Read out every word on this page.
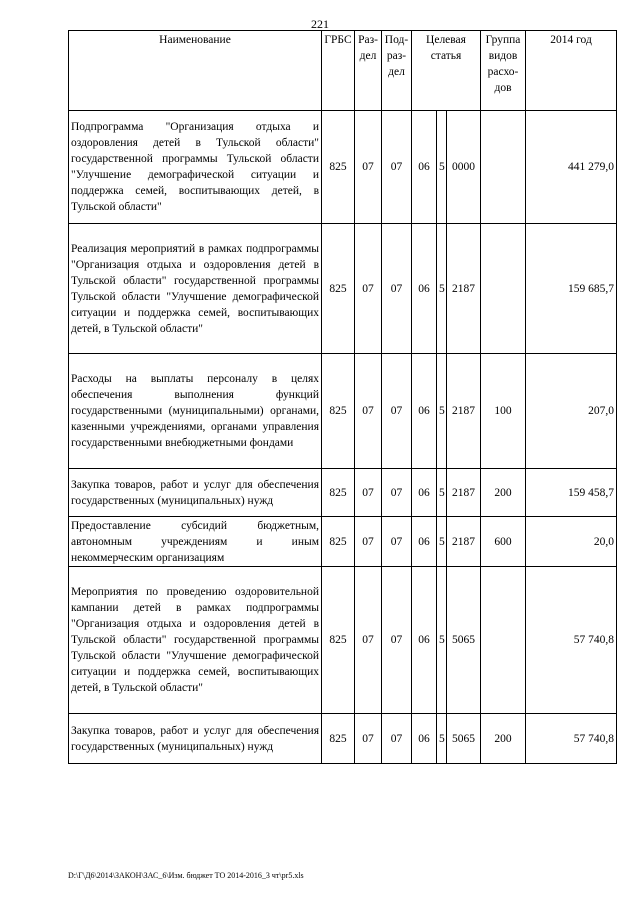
221
Наименование	ГРБС	Раз-дел	Под-раз-дел	Целевая статья			Группа видов расхо-дов	2014 год
Подпрограмма "Организация отдыха и оздоровления детей в Тульской области" государственной программы Тульской области "Улучшение демографической ситуации и поддержка семей, воспитывающих детей, в Тульской области"	825	07	07	06	5	0000		441 279,0
Реализация мероприятий в рамках подпрограммы "Организация отдыха и оздоровления детей в Тульской области" государственной программы Тульской области "Улучшение демографической ситуации и поддержка семей, воспитывающих детей, в Тульской области"	825	07	07	06	5	2187		159 685,7
Расходы на выплаты персоналу в целях обеспечения выполнения функций государственными (муниципальными) органами, казенными учреждениями, органами управления государственными внебюджетными фондами	825	07	07	06	5	2187	100	207,0
Закупка товаров, работ и услуг для обеспечения государственных (муниципальных) нужд	825	07	07	06	5	2187	200	159 458,7
Предоставление субсидий бюджетным, автономным учреждениям и иным некоммерческим организациям	825	07	07	06	5	2187	600	20,0
Мероприятия по проведению оздоровительной кампании детей в рамках подпрограммы "Организация отдыха и оздоровления детей в Тульской области" государственной программы Тульской области "Улучшение демографической ситуации и поддержка семей, воспитывающих детей, в Тульской области"	825	07	07	06	5	5065		57 740,8
Закупка товаров, работ и услуг для обеспечения государственных (муниципальных) нужд	825	07	07	06	5	5065	200	57 740,8
D:\Г\Д6\2014\ЗАКОН\ЗАС_6\Изм. бюджет ТО 2014-2016_3 чт\pr5.xls
